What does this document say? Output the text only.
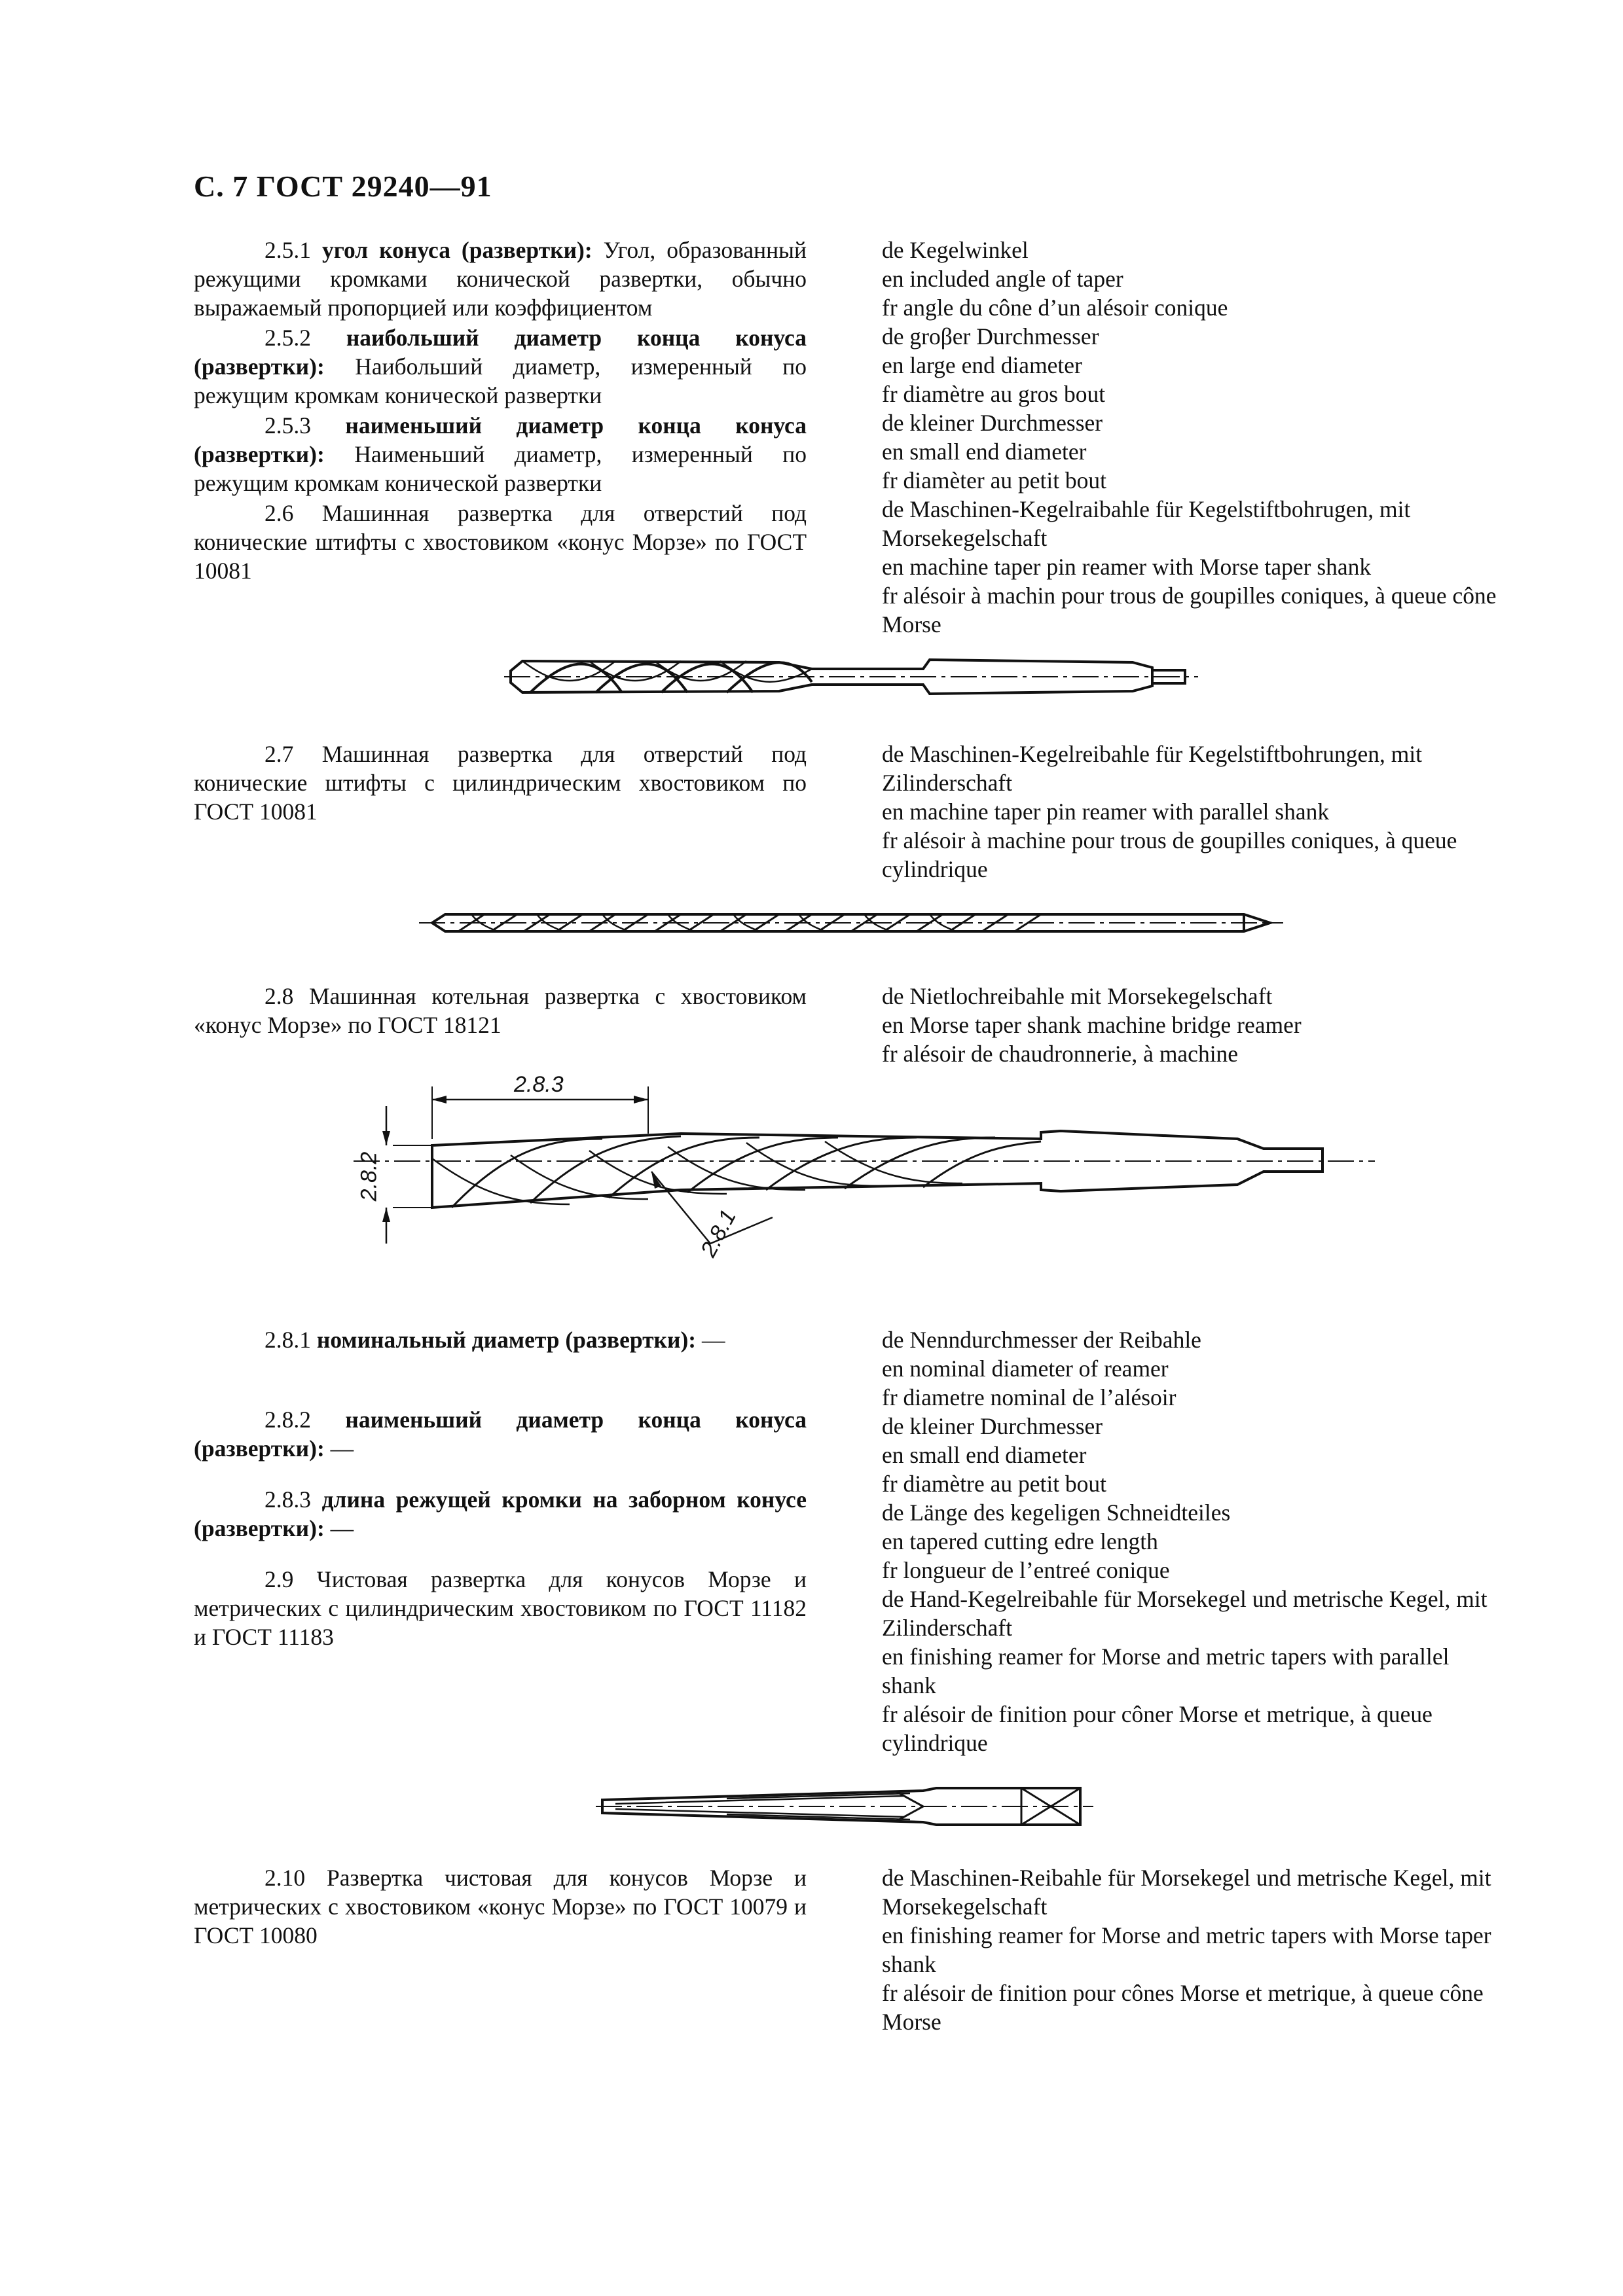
С. 7 ГОСТ 29240—91

2.5.1 угол конуса (развертки): Угол, образованный режущими кромками конической развертки, обычно выражаемый пропорцией или коэффициентом

2.5.2 наибольший диаметр конца конуса (развертки): Наибольший диаметр, измеренный по режущим кромкам конической развертки

2.5.3 наименьший диаметр конца конуса (развертки): Наименьший диаметр, измеренный по режущим кромкам конической развертки

2.6 Машинная развертка для отверстий под конические штифты с хвостовиком «конус Морзе» по ГОСТ 10081

de Kegelwinkel
en included angle of taper
fr angle du cône d’un alésoir conique
de groβer Durchmesser
en large end diameter
fr diamètre au gros bout
de kleiner Durchmesser
en small end diameter
fr diamèter au petit bout
de Maschinen-Kegelraibahle für Kegelstiftbohrugen, mit Morsekegelschaft
en machine taper pin reamer with Morse taper shank
fr alésoir à machin pour trous de goupilles coniques, à queue cône Morse

2.7 Машинная развертка для отверстий под конические штифты с цилиндрическим хвостовиком по ГОСТ 10081

de Maschinen-Kegelreibahle für Kegelstiftbohrungen, mit Zilinderschaft
en machine taper pin reamer with parallel shank
fr alésoir à machine pour trous de goupilles coniques, à queue cylindrique

2.8 Машинная котельная развертка с хвостовиком «конус Морзе» по ГОСТ 18121

de Nietlochreibahle mit Morsekegelschaft
en Morse taper shank machine bridge reamer
fr alésoir de chaudronnerie, à machine
2.8.3
2.8.2
2.8.1

2.8.1 номинальный диаметр (развертки): —

2.8.2 наименьший диаметр конца конуса (развертки): —

2.8.3 длина режущей кромки на заборном конусе (развертки): —

2.9 Чистовая развертка для конусов Морзе и метрических с цилиндрическим хвостовиком по ГОСТ 11182 и ГОСТ 11183

de Nenndurchmesser der Reibahle
en nominal diameter of reamer
fr diametre nominal de l’alésoir
de kleiner Durchmesser
en small end diameter
fr diamètre au petit bout
de Länge des kegeligen Schneidteiles
en tapered cutting edre length
fr longueur de l’entreé conique
de Hand-Kegelreibahle für Morsekegel und metrische Kegel, mit Zilinderschaft
en finishing reamer for Morse and metric tapers with parallel shank
fr alésoir de finition pour côner Morse et metrique, à queue cylindrique

2.10 Развертка чистовая для конусов Морзе и метрических с хвостовиком «конус Морзе» по ГОСТ 10079 и ГОСТ 10080

de Maschinen-Reibahle für Morsekegel und metrische Kegel, mit Morsekegelschaft
en finishing reamer for Morse and metric tapers with Morse taper shank
fr alésoir de finition pour cônes Morse et metrique, à queue cône Morse
